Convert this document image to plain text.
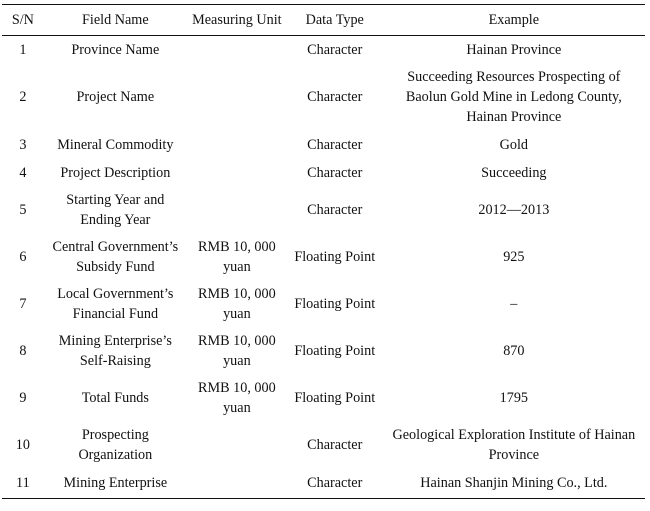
S/N	Field Name	Measuring Unit	Data Type	Example
1	Province Name		Character	Hainan Province
2	Project Name		Character	Succeeding Resources Prospecting of
Baolun Gold Mine in Ledong County,
Hainan Province
3	Mineral Commodity		Character	Gold
4	Project Description		Character	Succeeding
5	Starting Year and
Ending Year		Character	2012—2013
6	Central Government’s
Subsidy Fund	RMB 10, 000
yuan	Floating Point	925
7	Local Government’s
Financial Fund	RMB 10, 000
yuan	Floating Point	–
8	Mining Enterprise’s
Self-Raising	RMB 10, 000
yuan	Floating Point	870
9	Total Funds	RMB 10, 000
yuan	Floating Point	1795
10	Prospecting
Organization		Character	Geological Exploration Institute of Hainan
Province
11	Mining Enterprise		Character	Hainan Shanjin Mining Co., Ltd.
